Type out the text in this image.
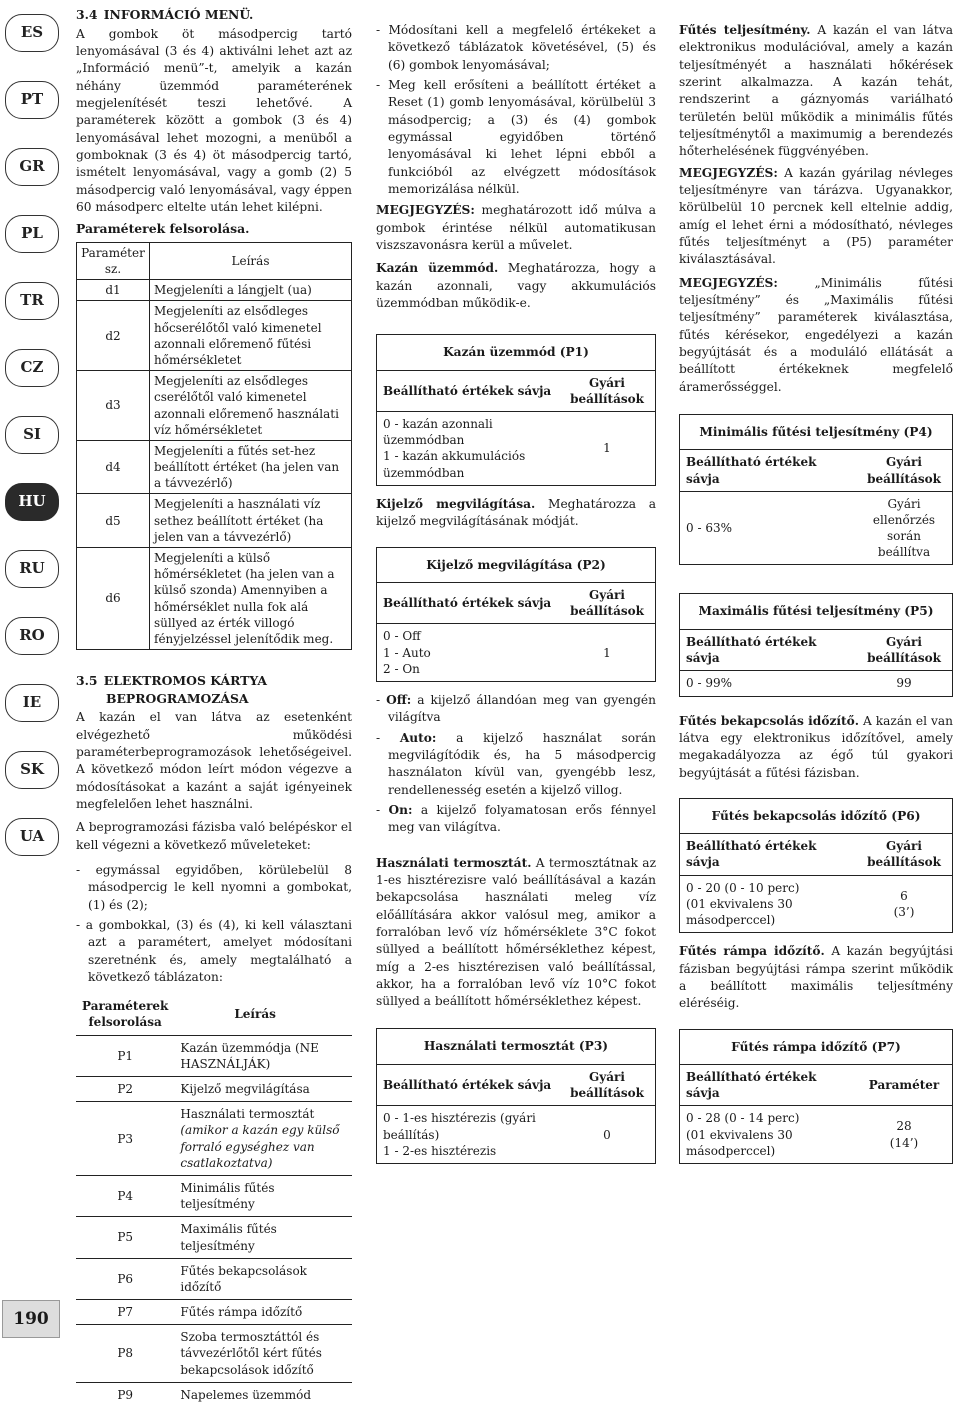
ES
PT
GR
PL
TR
CZ
SI
HU
RU
RO
IE
SK
UA
190
3.4 INFORMÁCIÓ MENÜ.

A gombok öt másodpercig tartó lenyomásával (3 és 4) aktiválni lehet azt az „Információ menü”-t, amelyik a kazán néhány üzemmód paraméterének megjelenítését teszi lehetővé. A paraméterek között a gombok (3 és 4) lenyomásával lehet mozogni, a menüből a gomboknak (3 és 4) öt másodpercig tartó, ismételt lenyomásával, vagy a gomb (2) 5 másodpercig való lenyomásával, vagy éppen 60 másodperc eltelte után lehet kilépni.

Paraméterek felsorolása.
Paraméter sz.	Leírás
d1	Megjeleníti a lángjelt (ua)
d2	Megjeleníti az elsődleges hőcserélőtől való kimenetel azonnali előremenő fűtési hőmérsékletet
d3	Megjeleníti az elsődleges cserélőtől való kimenetel azonnali előremenő használati víz hőmérsékletet
d4	Megjeleníti a fűtés set-hez beállított értéket (ha jelen van a távvezérlő)
d5	Megjeleníti a használati víz sethez beállított értéket (ha jelen van a távvezérlő)
d6	Megjeleníti a külső hőmérsékletet (ha jelen van a külső szonda) Amennyiben a hőmérséklet nulla fok alá süllyed az érték villogó fényjelzéssel jelenítődik meg.
3.5 ELEKTROMOS KÁRTYA
BEPROGRAMOZÁSA

A kazán el van látva az esetenként elvégezhető működési paraméterbeprogramozások lehetőségeivel. A következő módon leírt módon végezve a módosításokat a kazánt a saját igényeinek megfelelően lehet használni.

A beprogramozási fázisba való belépéskor el kell végezni a következő műveleteket:

- egymással egyidőben, körülebelül 8 másodpercig le kell nyomni a gombokat, (1) és (2);

- a gombokkal, (3) és (4), ki kell választani azt a paramétert, amelyet módosítani szeretnénk és, amely megtalálható a következő táblázaton:

Paraméterek felsorolása	Leírás
P1	Kazán üzemmódja (NE HASZNÁLJÁK)
P2	Kijelző megvilágítása
P3	Használati termosztát
(amikor a kazán egy külső forraló egységhez van csatlakoztatva)
P4	Minimális fűtés teljesítmény
P5	Maximális fűtés teljesítmény
P6	Fűtés bekapcsolások időzítő
P7	Fűtés rámpa időzítő
P8	Szoba termosztáttól és távvezérlőtől kért fűtés bekapcsolások időzítő
P9	Napelemes üzemmód

- Módosítani kell a megfelelő értékeket a következő táblázatok követésével, (5) és (6) gombok lenyomásával;

- Meg kell erősíteni a beállított értéket a Reset (1) gomb lenyomásával, körülbelül 3 másodpercig; a (3) és (4) gombok egymással egyidőben történő lenyomásával ki lehet lépni ebből a funkcióból az elvégzett módosítások memorizálása nélkül.

MEGJEGYZÉS: meghatározott idő múlva a gombok érintése nélkül automatikusan viszszavonásra kerül a művelet.

Kazán üzemmód. Meghatározza, hogy a kazán azonnali, vagy akkumulációs üzemmódban működik-e.

Kazán üzemmód (P1)	
Beállítható értékek sávja	Gyári beállítások
0 - kazán azonnali üzemmódban
1 - kazán akkumulációs üzemmódban	1

Kijelző megvilágítása. Meghatározza a kijelző megvilágításának módját.

Kijelző megvilágítása (P2)	
Beállítható értékek sávja	Gyári beállítások
0 - Off
1 - Auto
2 - On	1

- Off: a kijelző állandóan meg van gyengén világítva

- Auto: a kijelző használat során megvilágítódik és, ha 5 másodpercig használaton kívül van, gyengébb lesz, rendellenesség esetén a kijelző villog.

- On: a kijelző folyamatosan erős fénnyel meg van világítva.

Használati termosztát. A termosztátnak az 1-es hisztérezisre való beállításával a kazán bekapcsolása használati meleg víz előállítására akkor valósul meg, amikor a forralóban levő víz hőmérséklete 3°C fokot süllyed a beállított hőmérséklethez képest, míg a 2-es hisztérezisen való beállítással, akkor, ha a forralóban levő víz 10°C fokot süllyed a beállított hőmérséklethez képest.

Használati termosztát (P3)	
Beállítható értékek sávja	Gyári beállítások
0 - 1-es hisztérezis (gyári beállítás)
1 - 2-es hisztérezis	0

Fűtés teljesítmény. A kazán el van látva elektronikus modulációval, amely a kazán teljesítményét a használati hőkérések szerint alkalmazza. A kazán tehát, rendszerint a gáznyomás variálható területén belül működik a minimális fűtés teljesítménytől a maximumig a berendezés hőterhelésének függvényében.

MEGJEGYZÉS: A kazán gyárilag névleges teljesítményre van tárázva. Ugyanakkor, körülbelül 10 percnek kell eltelnie addig, amíg el lehet érni a módosítható, névleges fűtés teljesítményt a (P5) paraméter kiválasztásával.

MEGJEGYZÉS: „Minimális fűtési teljesítmény” és „Maximális fűtési teljesítmény” paraméterek kiválasztása, fűtés kérésekor, engedélyezi a kazán begyújtását és a moduláló ellátását a beállított értékeknek megfelelő áramerősséggel.

Minimális fűtési teljesítmény (P4)	
Beállítható értékek sávja	Gyári beállítások
0 - 63%	Gyári ellenőrzés során beállítva
Maximális fűtési teljesítmény (P5)	
Beállítható értékek sávja	Gyári beállítások
0 - 99%	99

Fűtés bekapcsolás időzítő. A kazán el van látva egy elektronikus időzítővel, amely megakadályozza az égő túl gyakori begyújtását a fűtési fázisban.

Fűtés bekapcsolás időzítő (P6)	
Beállítható értékek sávja	Gyári beállítások
0 - 20 (0 - 10 perc)
(01 ekvivalens 30 másodperccel)	6
(3’)

Fűtés rámpa időzítő. A kazán begyújtási fázisban begyújtási rámpa szerint működik a beállított maximális teljesítmény eléréséig.

Fűtés rámpa időzítő (P7)	
Beállítható értékek sávja	Paraméter
0 - 28 (0 - 14 perc)
(01 ekvivalens 30 másodperccel)	28
(14’)
